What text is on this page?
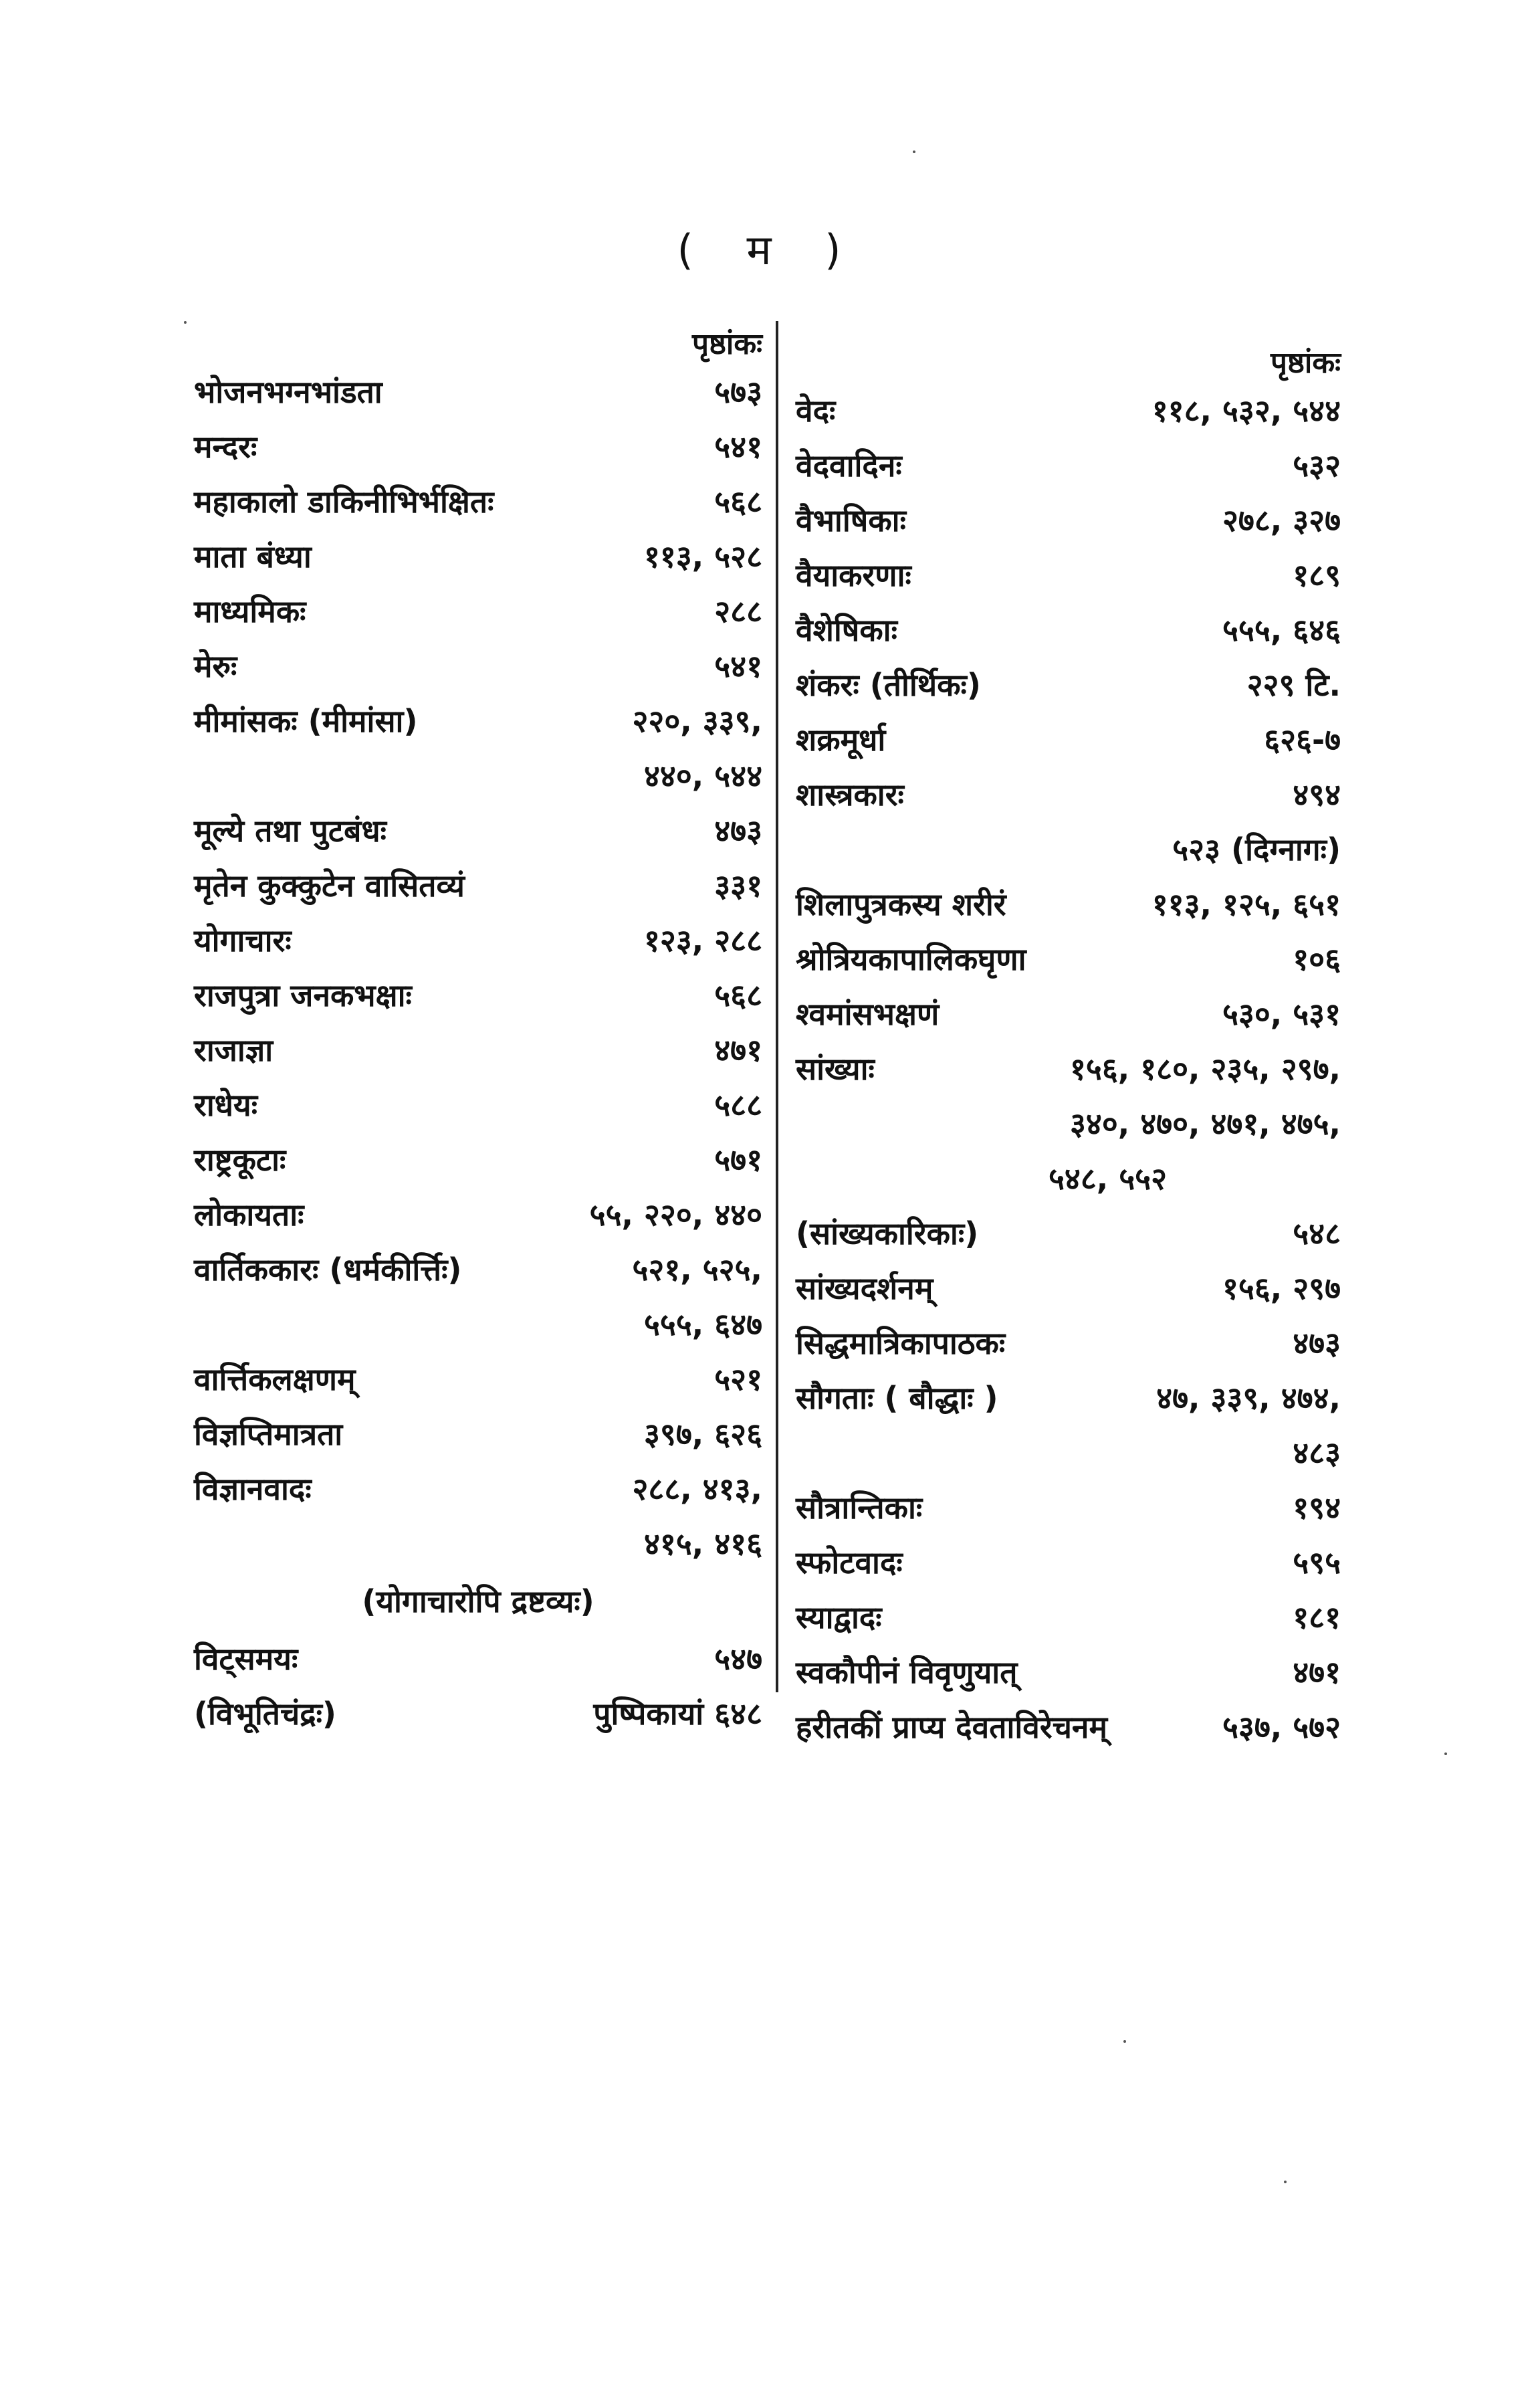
( म )
पृष्ठांकः
भोजनभग्नभांडता	५७३
मन्दरः	५४१
महाकालो डाकिनीभिर्भक्षितः	५६८
माता बंध्या	११३, ५२८
माध्यमिकः	२८८
मेरुः	५४१
मीमांसकः (मीमांसा)	२२०, ३३९,
४४०, ५४४
मूल्ये तथा पुटबंधः	४७३
मृतेन कुक्कुटेन वासितव्यं	३३१
योगाचारः	१२३, २८८
राजपुत्रा जनकभक्षाः	५६८
राजाज्ञा	४७१
राधेयः	५८८
राष्ट्रकूटाः	५७१
लोकायताः	५५, २२०, ४४०
वार्तिककारः (धर्मकीर्त्तिः)	५२१, ५२५,
५५५, ६४७
वार्त्तिकलक्षणम्	५२१
विज्ञप्तिमात्रता	३९७, ६२६
विज्ञानवादः	२८८, ४१३,
४१५, ४१६
(योगाचारोपि द्रष्टव्यः)
विट्समयः	५४७
(विभूतिचंद्रः)	पुष्पिकायां ६४८
पृष्ठांकः
वेदः	११८, ५३२, ५४४
वेदवादिनः	५३२
वैभाषिकाः	२७८, ३२७
वैयाकरणाः	१८९
वैशेषिकाः	५५५, ६४६
शंकरः (तीर्थिकः)	२२९ टि.
शक्रमूर्धा	६२६-७
शास्त्रकारः	४९४
५२३ (दिग्नागः)
शिलापुत्रकस्य शरीरं	११३, १२५, ६५१
श्रोत्रियकापालिकघृणा	१०६
श्वमांसभक्षणं	५३०, ५३१
सांख्याः	१५६, १८०, २३५, २९७,
३४०, ४७०, ४७१, ४७५,
५४८, ५५२
(सांख्यकारिकाः)	५४८
सांख्यदर्शनम्	१५६, २९७
सिद्धमात्रिकापाठकः	४७३
सौगताः ( बौद्धाः )	४७, ३३९, ४७४,
४८३
सौत्रान्तिकाः	१९४
स्फोटवादः	५९५
स्याद्वादः	१८१
स्वकौपीनं विवृणुयात्	४७१
हरीतकीं प्राप्य देवताविरेचनम्	५३७, ५७२
